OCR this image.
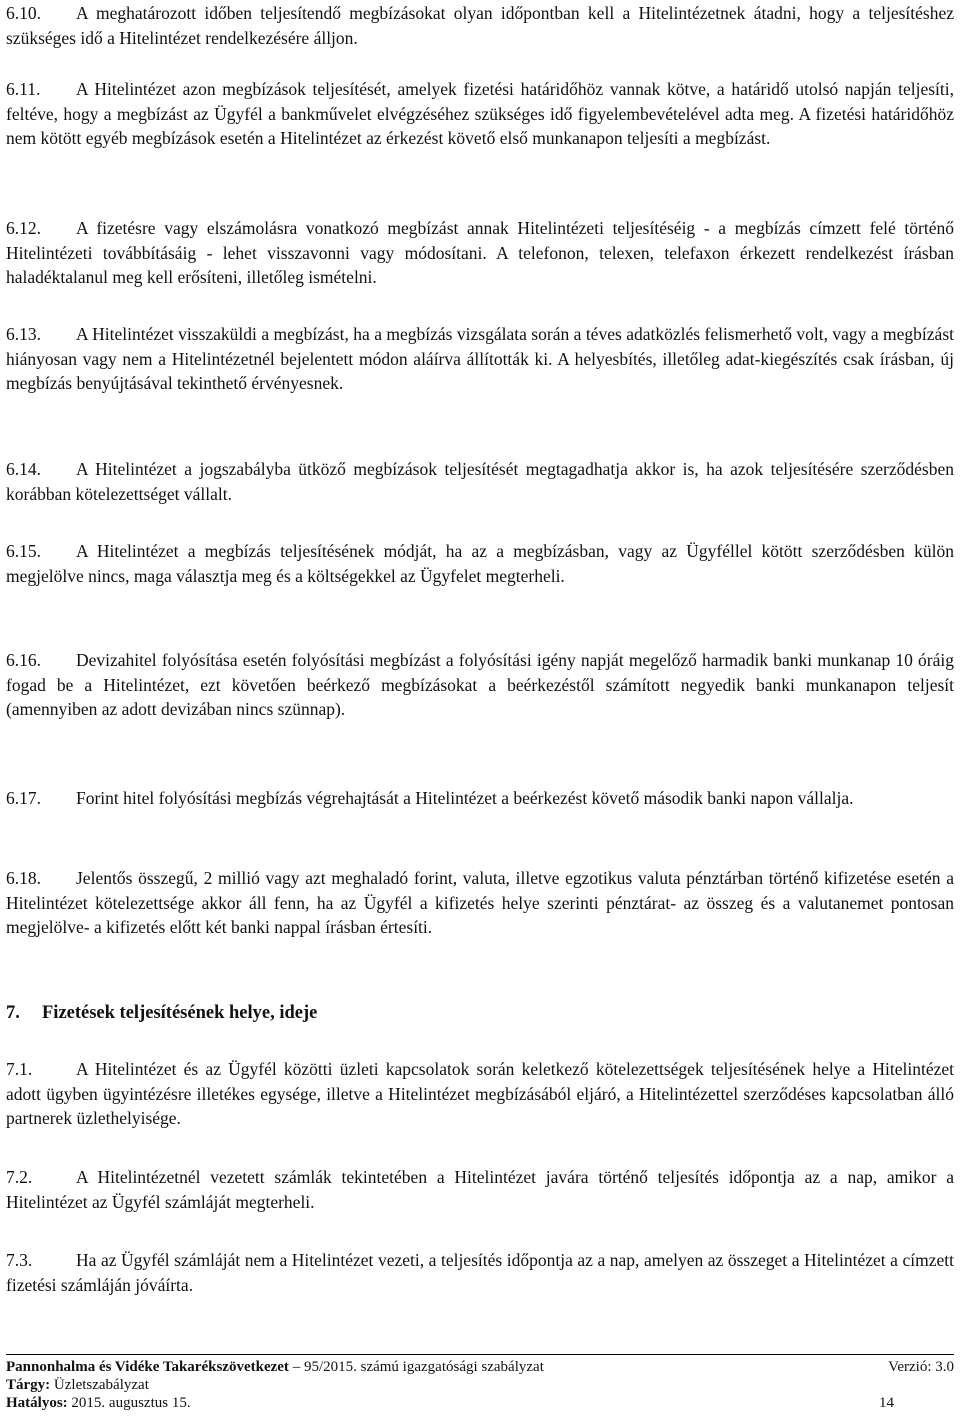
6.10. A meghatározott időben teljesítendő megbízásokat olyan időpontban kell a Hitelintézetnek átadni, hogy a teljesítéshez szükséges idő a Hitelintézet rendelkezésére álljon.

6.11. A Hitelintézet azon megbízások teljesítését, amelyek fizetési határidőhöz vannak kötve, a határidő utolsó napján teljesíti, feltéve, hogy a megbízást az Ügyfél a bankművelet elvégzéséhez szükséges idő figyelembevételével adta meg. A fizetési határidőhöz nem kötött egyéb megbízások esetén a Hitelintézet az érkezést követő első munkanapon teljesíti a megbízást.

6.12. A fizetésre vagy elszámolásra vonatkozó megbízást annak Hitelintézeti teljesítéséig - a megbízás címzett felé történő Hitelintézeti továbbításáig - lehet visszavonni vagy módosítani. A telefonon, telexen, telefaxon érkezett rendelkezést írásban haladéktalanul meg kell erősíteni, illetőleg ismételni.

6.13. A Hitelintézet visszaküldi a megbízást, ha a megbízás vizsgálata során a téves adatközlés felismerhető volt, vagy a megbízást hiányosan vagy nem a Hitelintézetnél bejelentett módon aláírva állították ki. A helyesbítés, illetőleg adat-kiegészítés csak írásban, új megbízás benyújtásával tekinthető érvényesnek.

6.14. A Hitelintézet a jogszabályba ütköző megbízások teljesítését megtagadhatja akkor is, ha azok teljesítésére szerződésben korábban kötelezettséget vállalt.

6.15. A Hitelintézet a megbízás teljesítésének módját, ha az a megbízásban, vagy az Ügyféllel kötött szerződésben külön megjelölve nincs, maga választja meg és a költségekkel az Ügyfelet megterheli.

6.16. Devizahitel folyósítása esetén folyósítási megbízást a folyósítási igény napját megelőző harmadik banki munkanap 10 óráig fogad be a Hitelintézet, ezt követően beérkező megbízásokat a beérkezéstől számított negyedik banki munkanapon teljesít (amennyiben az adott devizában nincs szünnap).

6.17. Forint hitel folyósítási megbízás végrehajtását a Hitelintézet a beérkezést követő második banki napon vállalja.

6.18. Jelentős összegű, 2 millió vagy azt meghaladó forint, valuta, illetve egzotikus valuta pénztárban történő kifizetése esetén a Hitelintézet kötelezettsége akkor áll fenn, ha az Ügyfél a kifizetés helye szerinti pénztárat- az összeg és a valutanemet pontosan megjelölve- a kifizetés előtt két banki nappal írásban értesíti.

7. Fizetések teljesítésének helye, ideje

7.1.	A Hitelintézet és az Ügyfél közötti üzleti kapcsolatok során keletkező kötelezettségek teljesítésének helye a Hitelintézet adott ügyben ügyintézésre illetékes egysége, illetve a Hitelintézet megbízásából eljáró, a Hitelintézettel szerződéses kapcsolatban álló partnerek üzlethelyisége.

7.2.	A Hitelintézetnél vezetett számlák tekintetében a Hitelintézet javára történő teljesítés időpontja az a nap, amikor a Hitelintézet az Ügyfél számláját megterheli.

7.3.	Ha az Ügyfél számláját nem a Hitelintézet vezeti, a teljesítés időpontja az a nap, amelyen az összeget a Hitelintézet a címzett fizetési számláján jóváírta.

Pannonhalma és Vidéke Takarékszövetkezet – 95/2015. számú igazgatósági szabályzat	Verzió: 3.0
Tárgy: Üzletszabályzat
Hatályos: 2015. augusztus 15.	14
